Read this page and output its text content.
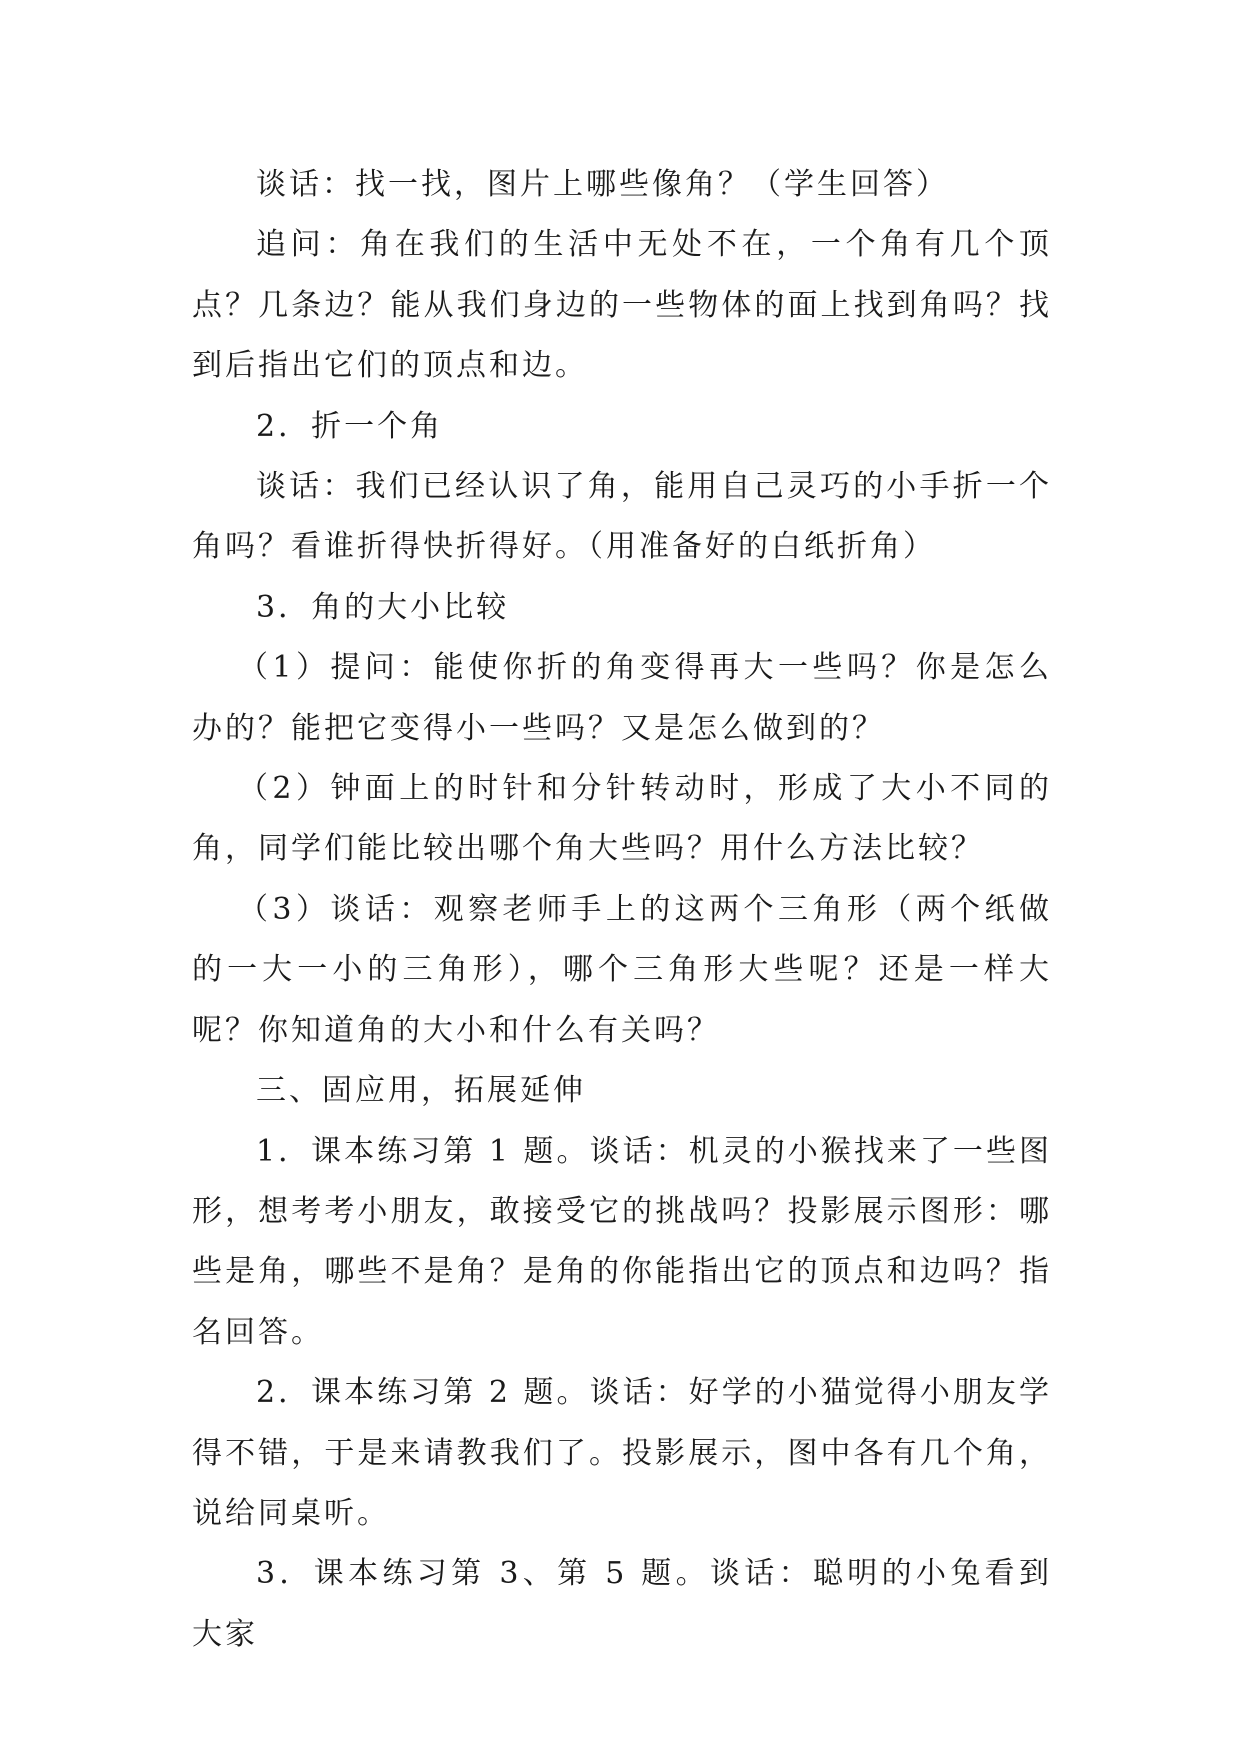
谈话：找一找，图片上哪些像角？（学生回答）

追问：角在我们的生活中无处不在，一个角有几个顶点？几条边？能从我们身边的一些物体的面上找到角吗？找到后指出它们的顶点和边。

2．折一个角

谈话：我们已经认识了角，能用自己灵巧的小手折一个角吗？看谁折得快折得好。（用准备好的白纸折角）

3．角的大小比较

（1）提问：能使你折的角变得再大一些吗？你是怎么办的？能把它变得小一些吗？又是怎么做到的？

（2）钟面上的时针和分针转动时，形成了大小不同的角，同学们能比较出哪个角大些吗？用什么方法比较？

（3）谈话：观察老师手上的这两个三角形（两个纸做的一大一小的三角形），哪个三角形大些呢？还是一样大呢？你知道角的大小和什么有关吗？

三、固应用，拓展延伸

1．课本练习第 1 题。谈话：机灵的小猴找来了一些图形，想考考小朋友，敢接受它的挑战吗？投影展示图形：哪些是角，哪些不是角？是角的你能指出它的顶点和边吗？指名回答。

2．课本练习第 2 题。谈话：好学的小猫觉得小朋友学得不错，于是来请教我们了。投影展示，图中各有几个角，说给同桌听。

3．课本练习第 3、第 5 题。谈话：聪明的小兔看到大家
